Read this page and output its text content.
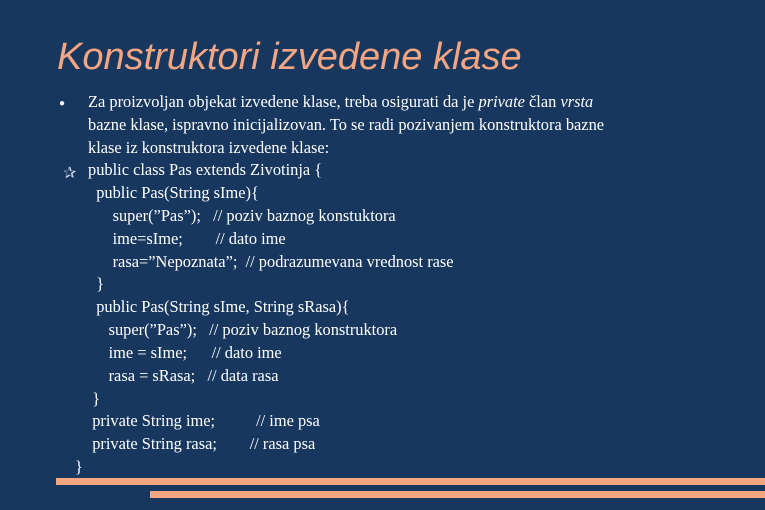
Konstruktori izvedene klase
●
✰
Za proizvoljan objekat izvedene klase, treba osigurati da je private član vrsta
bazne klase, ispravno inicijalizovan. To se radi pozivanjem konstruktora bazne
klase iz konstruktora izvedene klase:
public class Pas extends Zivotinja {
public Pas(String sIme){
super(”Pas”);   // poziv baznog konstuktora
ime=sIme;        // dato ime
rasa=”Nepoznata”;  // podrazumevana vrednost rase
}
public Pas(String sIme, String sRasa){
super(”Pas”);   // poziv baznog konstruktora
ime = sIme;      // dato ime
rasa = sRasa;   // data rasa
}
private String ime;          // ime psa
private String rasa;        // rasa psa
}
